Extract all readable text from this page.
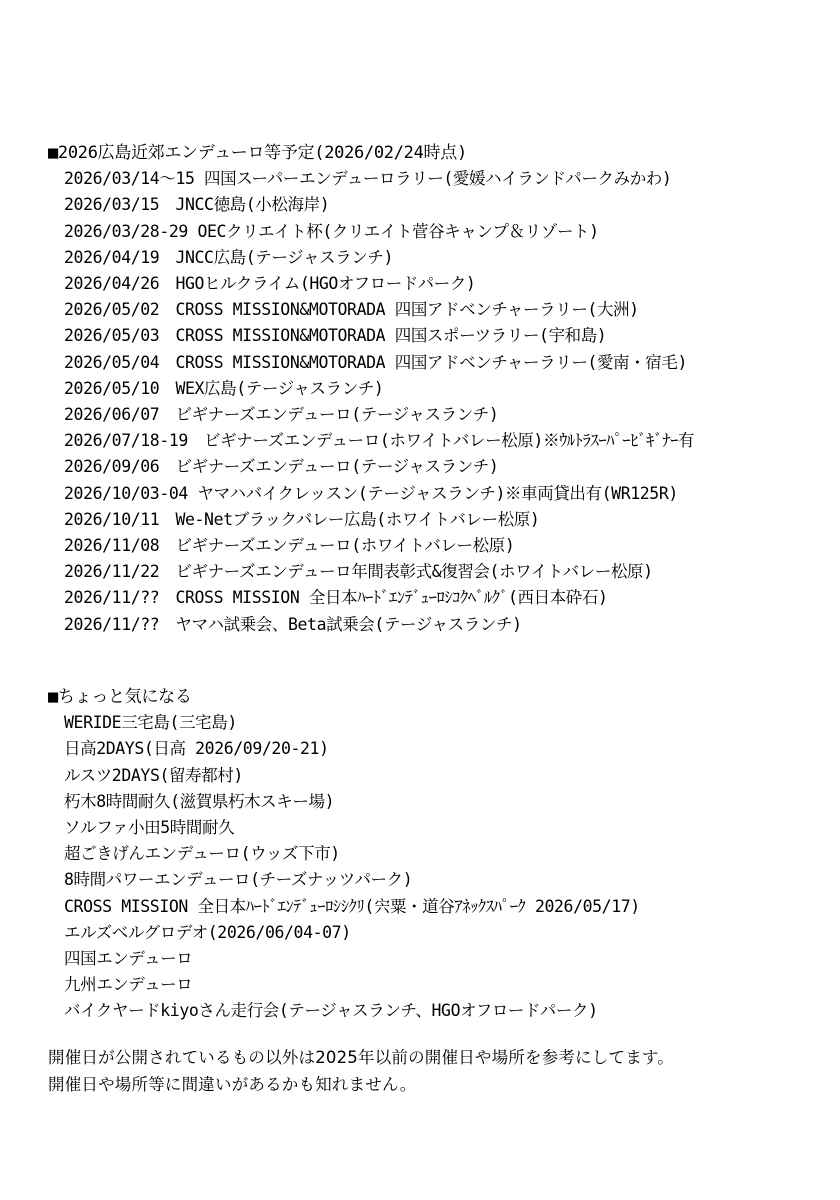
■2026広島近郊エンデューロ等予定(2026/02/24時点)
2026/03/14～15 四国スーパーエンデューロラリー(愛媛ハイランドパークみかわ)
2026/03/15　JNCC徳島(小松海岸)
2026/03/28-29 OECクリエイト杯(クリエイト菅谷キャンプ＆リゾート)
2026/04/19　JNCC広島(テージャスランチ)
2026/04/26　HGOヒルクライム(HGOオフロードパーク)
2026/05/02　CROSS MISSION&MOTORADA 四国アドベンチャーラリー(大洲)
2026/05/03　CROSS MISSION&MOTORADA 四国スポーツラリー(宇和島)
2026/05/04　CROSS MISSION&MOTORADA 四国アドベンチャーラリー(愛南・宿毛)
2026/05/10　WEX広島(テージャスランチ)
2026/06/07　ビギナーズエンデューロ(テージャスランチ)
2026/07/18-19　ビギナーズエンデューロ(ホワイトバレー松原)※ｳﾙﾄﾗｽｰﾊﾟｰﾋﾞｷﾞﾅｰ有
2026/09/06　ビギナーズエンデューロ(テージャスランチ)
2026/10/03-04 ヤマハバイクレッスン(テージャスランチ)※車両貸出有(WR125R)
2026/10/11　We-Netブラックバレー広島(ホワイトバレー松原)
2026/11/08　ビギナーズエンデューロ(ホワイトバレー松原)
2026/11/22　ビギナーズエンデューロ年間表彰式&復習会(ホワイトバレー松原)
2026/11/??　CROSS MISSION 全日本ﾊｰﾄﾞｴﾝﾃﾞｭｰﾛｼｺｸﾍﾞﾙｸﾞ(西日本砕石)
2026/11/??　ヤマハ試乗会、Beta試乗会(テージャスランチ)
■ちょっと気になる
WERIDE三宅島(三宅島)
日高2DAYS(日高 2026/09/20-21)
ルスツ2DAYS(留寿都村)
朽木8時間耐久(滋賀県朽木スキー場)
ソルファ小田5時間耐久
超ごきげんエンデューロ(ウッズ下市)
8時間パワーエンデューロ(チーズナッツパーク)
CROSS MISSION 全日本ﾊｰﾄﾞｴﾝﾃﾞｭｰﾛｼｼｸﾘ(宍粟・道谷ｱﾈｯｸｽﾊﾟｰｸ 2026/05/17)
エルズベルグロデオ(2026/06/04-07)
四国エンデューロ
九州エンデューロ
バイクヤードkiyoさん走行会(テージャスランチ、HGOオフロードパーク)
開催日が公開されているもの以外は2025年以前の開催日や場所を参考にしてます。
開催日や場所等に間違いがあるかも知れません。
